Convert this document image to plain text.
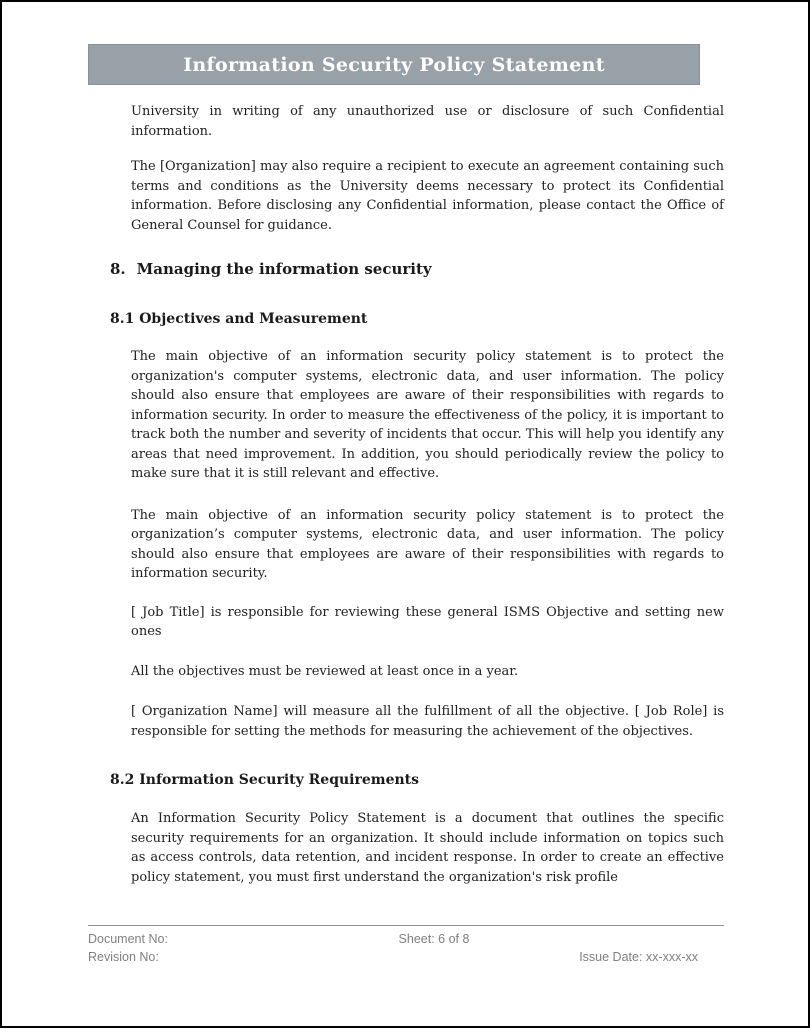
Information Security Policy Statement

University in writing of any unauthorized use or disclosure of such Confidential information.

The [Organization] may also require a recipient to execute an agreement containing such terms and conditions as the University deems necessary to protect its Confidential information. Before disclosing any Confidential information, please contact the Office of General Counsel for guidance.

8. Managing the information security
8.1 Objectives and Measurement

The main objective of an information security policy statement is to protect the organization's computer systems, electronic data, and user information. The policy should also ensure that employees are aware of their responsibilities with regards to information security. In order to measure the effectiveness of the policy, it is important to track both the number and severity of incidents that occur. This will help you identify any areas that need improvement. In addition, you should periodically review the policy to make sure that it is still relevant and effective.

The main objective of an information security policy statement is to protect the organization’s computer systems, electronic data, and user information. The policy should also ensure that employees are aware of their responsibilities with regards to information security.

[ Job Title] is responsible for reviewing these general ISMS Objective and setting new ones

All the objectives must be reviewed at least once in a year.

[ Organization Name] will measure all the fulfillment of all the objective. [ Job Role] is responsible for setting the methods for measuring the achievement of the objectives.

8.2 Information Security Requirements

An Information Security Policy Statement is a document that outlines the specific security requirements for an organization. It should include information on topics such as access controls, data retention, and incident response. In order to create an effective policy statement, you must first understand the organization's risk profile

Document No:	Sheet: 6 of 8
Revision No:	Issue Date: xx-xxx-xx
